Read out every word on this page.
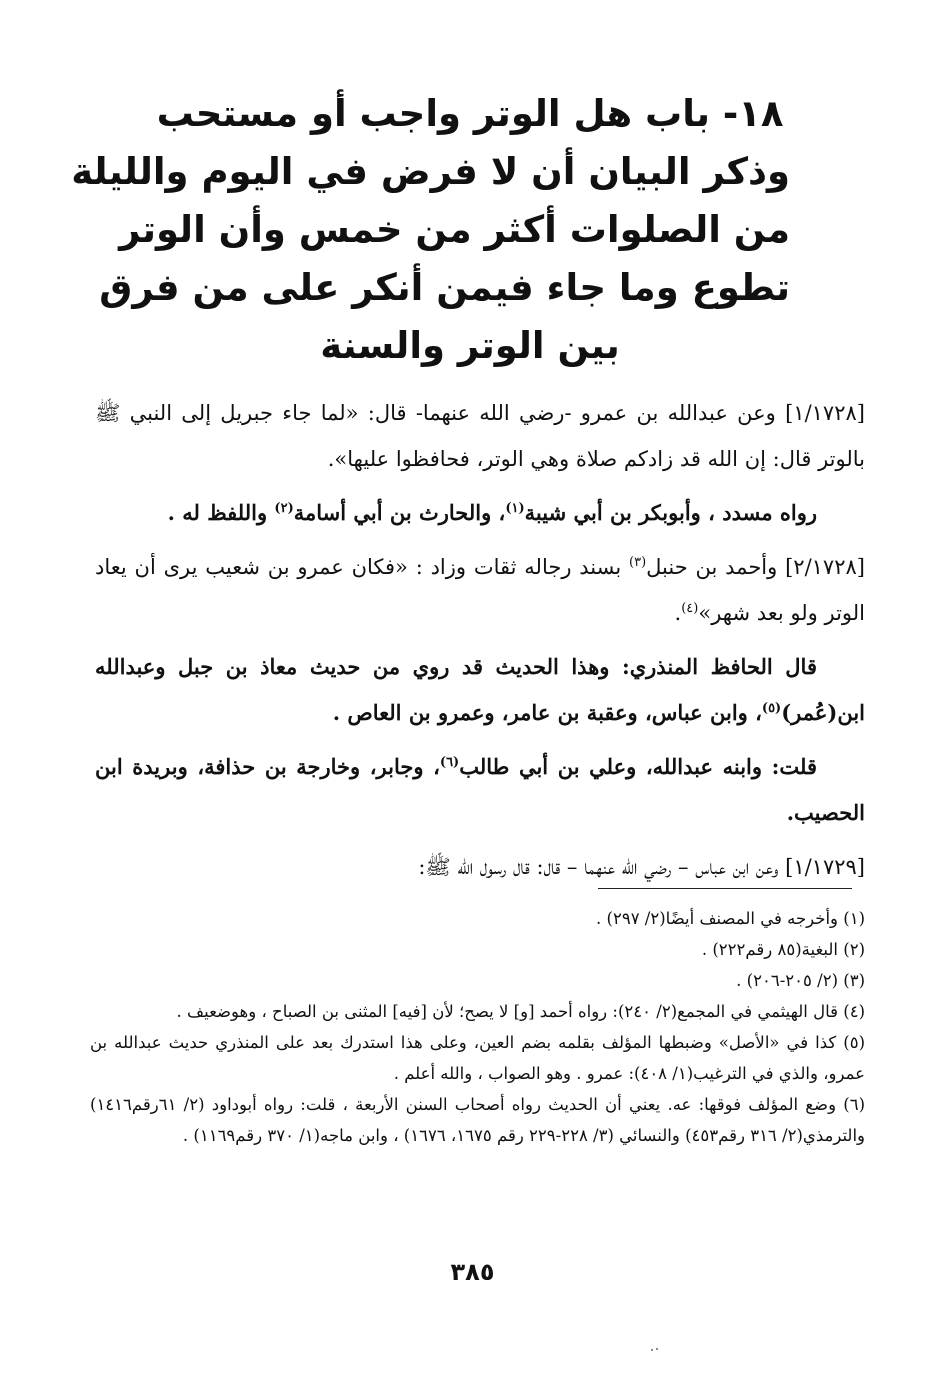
١٨- باب هل الوتر واجب أو مستحب
وذكر البيان أن لا فرض في اليوم والليلة
من الصلوات أكثر من خمس وأن الوتر
تطوع وما جاء فيمن أنكر على من فرق
بين الوتر والسنة

[١/١٧٢٨] وعن عبدالله بن عمرو -رضي الله عنهما- قال: «لما جاء جبريل إلى النبي ﷺ بالوتر قال: إن الله قد زادكم صلاة وهي الوتر، فحافظوا عليها».

رواه مسدد ، وأبوبكر بن أبي شيبة$^{(١)}$، والحارث بن أبي أسامة$^{(٢)}$ واللفظ له .

[٢/١٧٢٨] وأحمد بن حنبل$^{(٣)}$ بسند رجاله ثقات وزاد : «فكان عمرو بن شعيب يرى أن يعاد الوتر ولو بعد شهر»$^{(٤)}$.

قال الحافظ المنذري: وهذا الحديث قد روي من حديث معاذ بن جبل وعبدالله ابن(عُمر)$^{(٥)}$، وابن عباس، وعقبة بن عامر، وعمرو بن العاص .

قلت: وابنه عبدالله، وعلي بن أبي طالب$^{(٦)}$، وجابر، وخارجة بن حذافة، وبريدة ابن الحصيب.

[١/١٧٢٩] وعن ابن عباس – رضي الله عنهما – قال: قال رسول الله ﷺ:

(١) وأخرجه في المصنف أيضًا(٢/ ٢٩٧) .

(٢) البغية(٨٥ رقم٢٢٢) .

(٣) (٢/ ٢٠٥-٢٠٦) .

(٤) قال الهيثمي في المجمع(٢/ ٢٤٠): رواه أحمد [و] لا يصح؛ لأن [فيه] المثنى بن الصباح ، وهوضعيف .

(٥) كذا في «الأصل» وضبطها المؤلف بقلمه بضم العين، وعلى هذا استدرك بعد على المنذري حديث عبدالله بن عمرو، والذي في الترغيب(١/ ٤٠٨): عمرو . وهو الصواب ، والله أعلم .

(٦) وضع المؤلف فوقها: عه. يعني أن الحديث رواه أصحاب السنن الأربعة ، قلت: رواه أبوداود (٢/ ٦١رقم١٤١٦) والترمذي(٢/ ٣١٦ رقم٤٥٣) والنسائي (٣/ ٢٢٨-٢٢٩ رقم ١٦٧٥، ١٦٧٦) ، وابن ماجه(١/ ٣٧٠ رقم١١٦٩) .

٣٨٥
